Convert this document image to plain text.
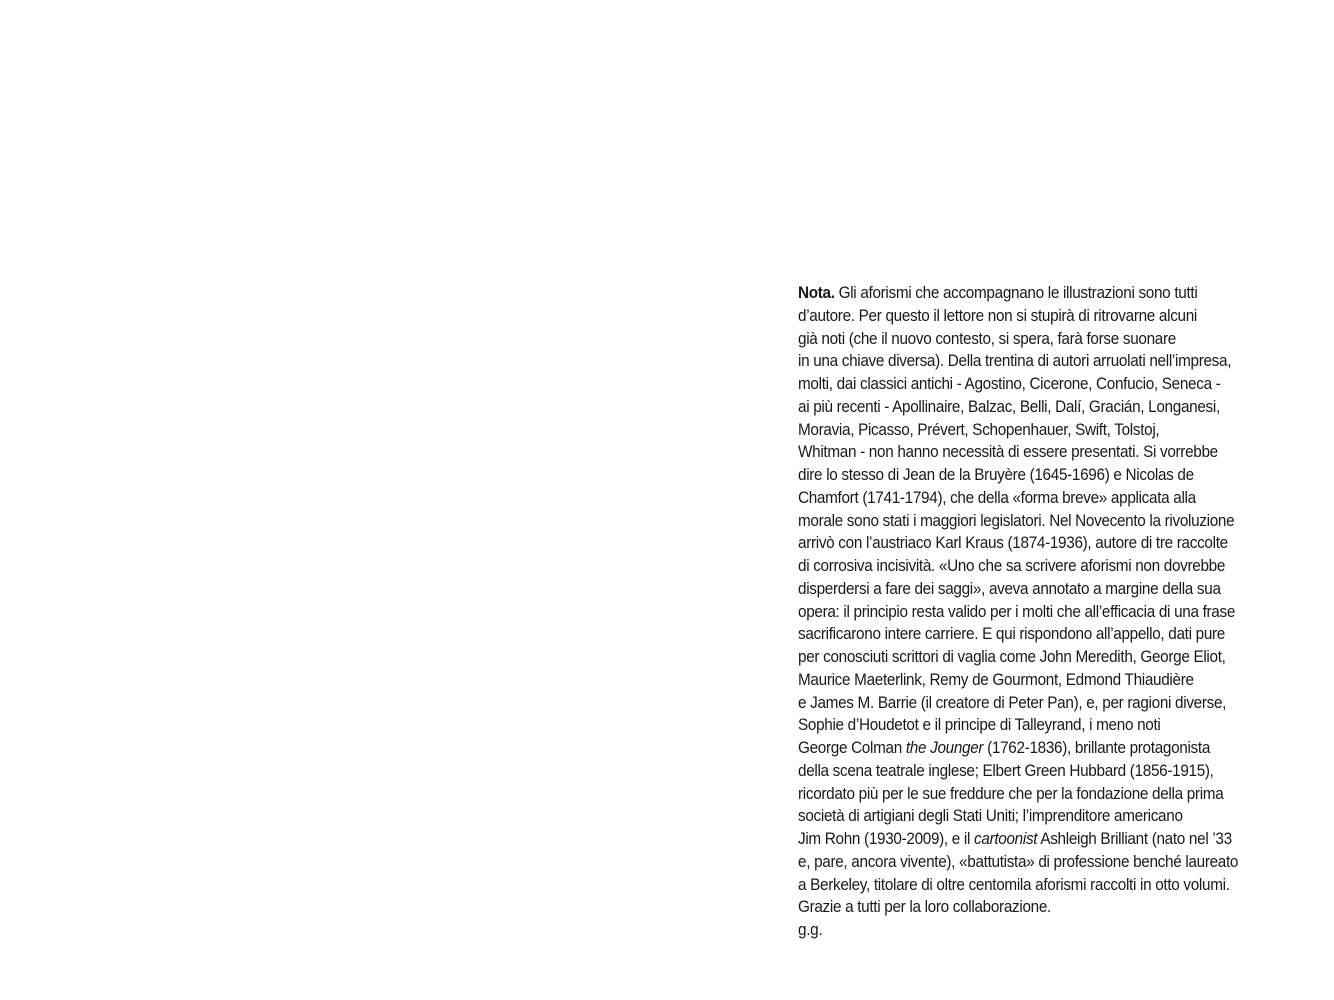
Nota. Gli aforismi che accompagnano le illustrazioni sono tutti
d’autore. Per questo il lettore non si stupirà di ritrovarne alcuni
già noti (che il nuovo contesto, si spera, farà forse suonare
in una chiave diversa). Della trentina di autori arruolati nell’impresa,
molti, dai classici antichi - Agostino, Cicerone, Confucio, Seneca -
ai più recenti - Apollinaire, Balzac, Belli, Dalí, Gracián, Longanesi,
Moravia, Picasso, Prévert, Schopenhauer, Swift, Tolstoj,
Whitman - non hanno necessità di essere presentati. Si vorrebbe
dire lo stesso di Jean de la Bruyère (1645-1696) e Nicolas de
Chamfort (1741-1794), che della «forma breve» applicata alla
morale sono stati i maggiori legislatori. Nel Novecento la rivoluzione
arrivò con l’austriaco Karl Kraus (1874-1936), autore di tre raccolte
di corrosiva incisività. «Uno che sa scrivere aforismi non dovrebbe
disperdersi a fare dei saggi», aveva annotato a margine della sua
opera: il principio resta valido per i molti che all’efficacia di una frase
sacrificarono intere carriere. E qui rispondono all’appello, dati pure
per conosciuti scrittori di vaglia come John Meredith, George Eliot,
Maurice Maeterlink, Remy de Gourmont, Edmond Thiaudière
e James M. Barrie (il creatore di Peter Pan), e, per ragioni diverse,
Sophie d’Houdetot e il principe di Talleyrand, i meno noti
George Colman the Jounger (1762-1836), brillante protagonista
della scena teatrale inglese; Elbert Green Hubbard (1856-1915),
ricordato più per le sue freddure che per la fondazione della prima
società di artigiani degli Stati Uniti; l’imprenditore americano
Jim Rohn (1930-2009), e il cartoonist Ashleigh Brilliant (nato nel ’33
e, pare, ancora vivente), «battutista» di professione benché laureato
a Berkeley, titolare di oltre centomila aforismi raccolti in otto volumi.
Grazie a tutti per la loro collaborazione.
g.g.
